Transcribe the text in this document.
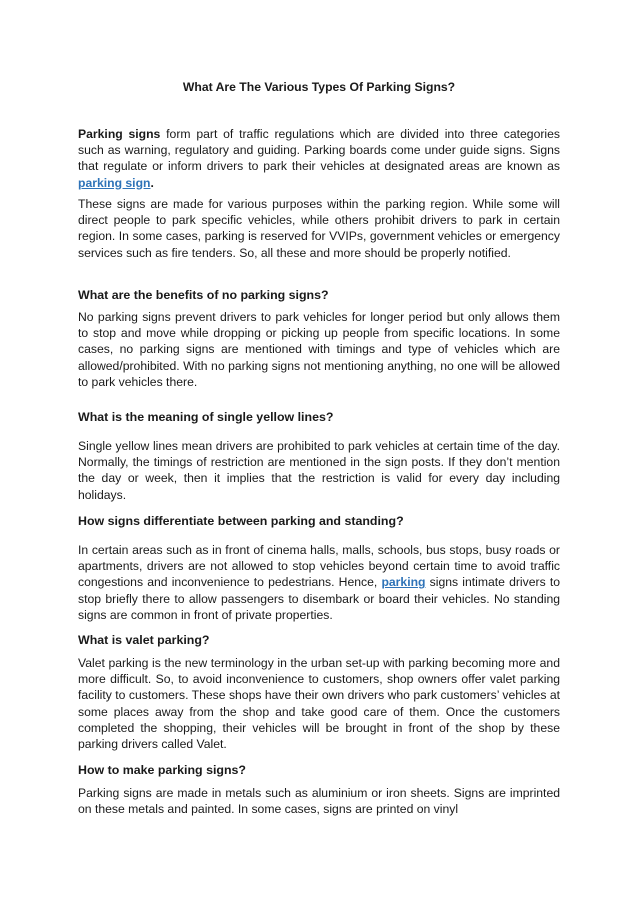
What Are The Various Types Of Parking Signs?
Parking signs form part of traffic regulations which are divided into three categories such as warning, regulatory and guiding. Parking boards come under guide signs. Signs that regulate or inform drivers to park their vehicles at designated areas are known as parking sign.
These signs are made for various purposes within the parking region. While some will direct people to park specific vehicles, while others prohibit drivers to park in certain region. In some cases, parking is reserved for VVIPs, government vehicles or emergency services such as fire tenders. So, all these and more should be properly notified.
What are the benefits of no parking signs?
No parking signs prevent drivers to park vehicles for longer period but only allows them to stop and move while dropping or picking up people from specific locations. In some cases, no parking signs are mentioned with timings and type of vehicles which are allowed/prohibited. With no parking signs not mentioning anything, no one will be allowed to park vehicles there.
What is the meaning of single yellow lines?
Single yellow lines mean drivers are prohibited to park vehicles at certain time of the day. Normally, the timings of restriction are mentioned in the sign posts. If they don’t mention the day or week, then it implies that the restriction is valid for every day including holidays.
How signs differentiate between parking and standing?
In certain areas such as in front of cinema halls, malls, schools, bus stops, busy roads or apartments, drivers are not allowed to stop vehicles beyond certain time to avoid traffic congestions and inconvenience to pedestrians. Hence, parking signs intimate drivers to stop briefly there to allow passengers to disembark or board their vehicles. No standing signs are common in front of private properties.
What is valet parking?
Valet parking is the new terminology in the urban set-up with parking becoming more and more difficult. So, to avoid inconvenience to customers, shop owners offer valet parking facility to customers. These shops have their own drivers who park customers’ vehicles at some places away from the shop and take good care of them. Once the customers completed the shopping, their vehicles will be brought in front of the shop by these parking drivers called Valet.
How to make parking signs?
Parking signs are made in metals such as aluminium or iron sheets. Signs are imprinted on these metals and painted. In some cases, signs are printed on vinyl
